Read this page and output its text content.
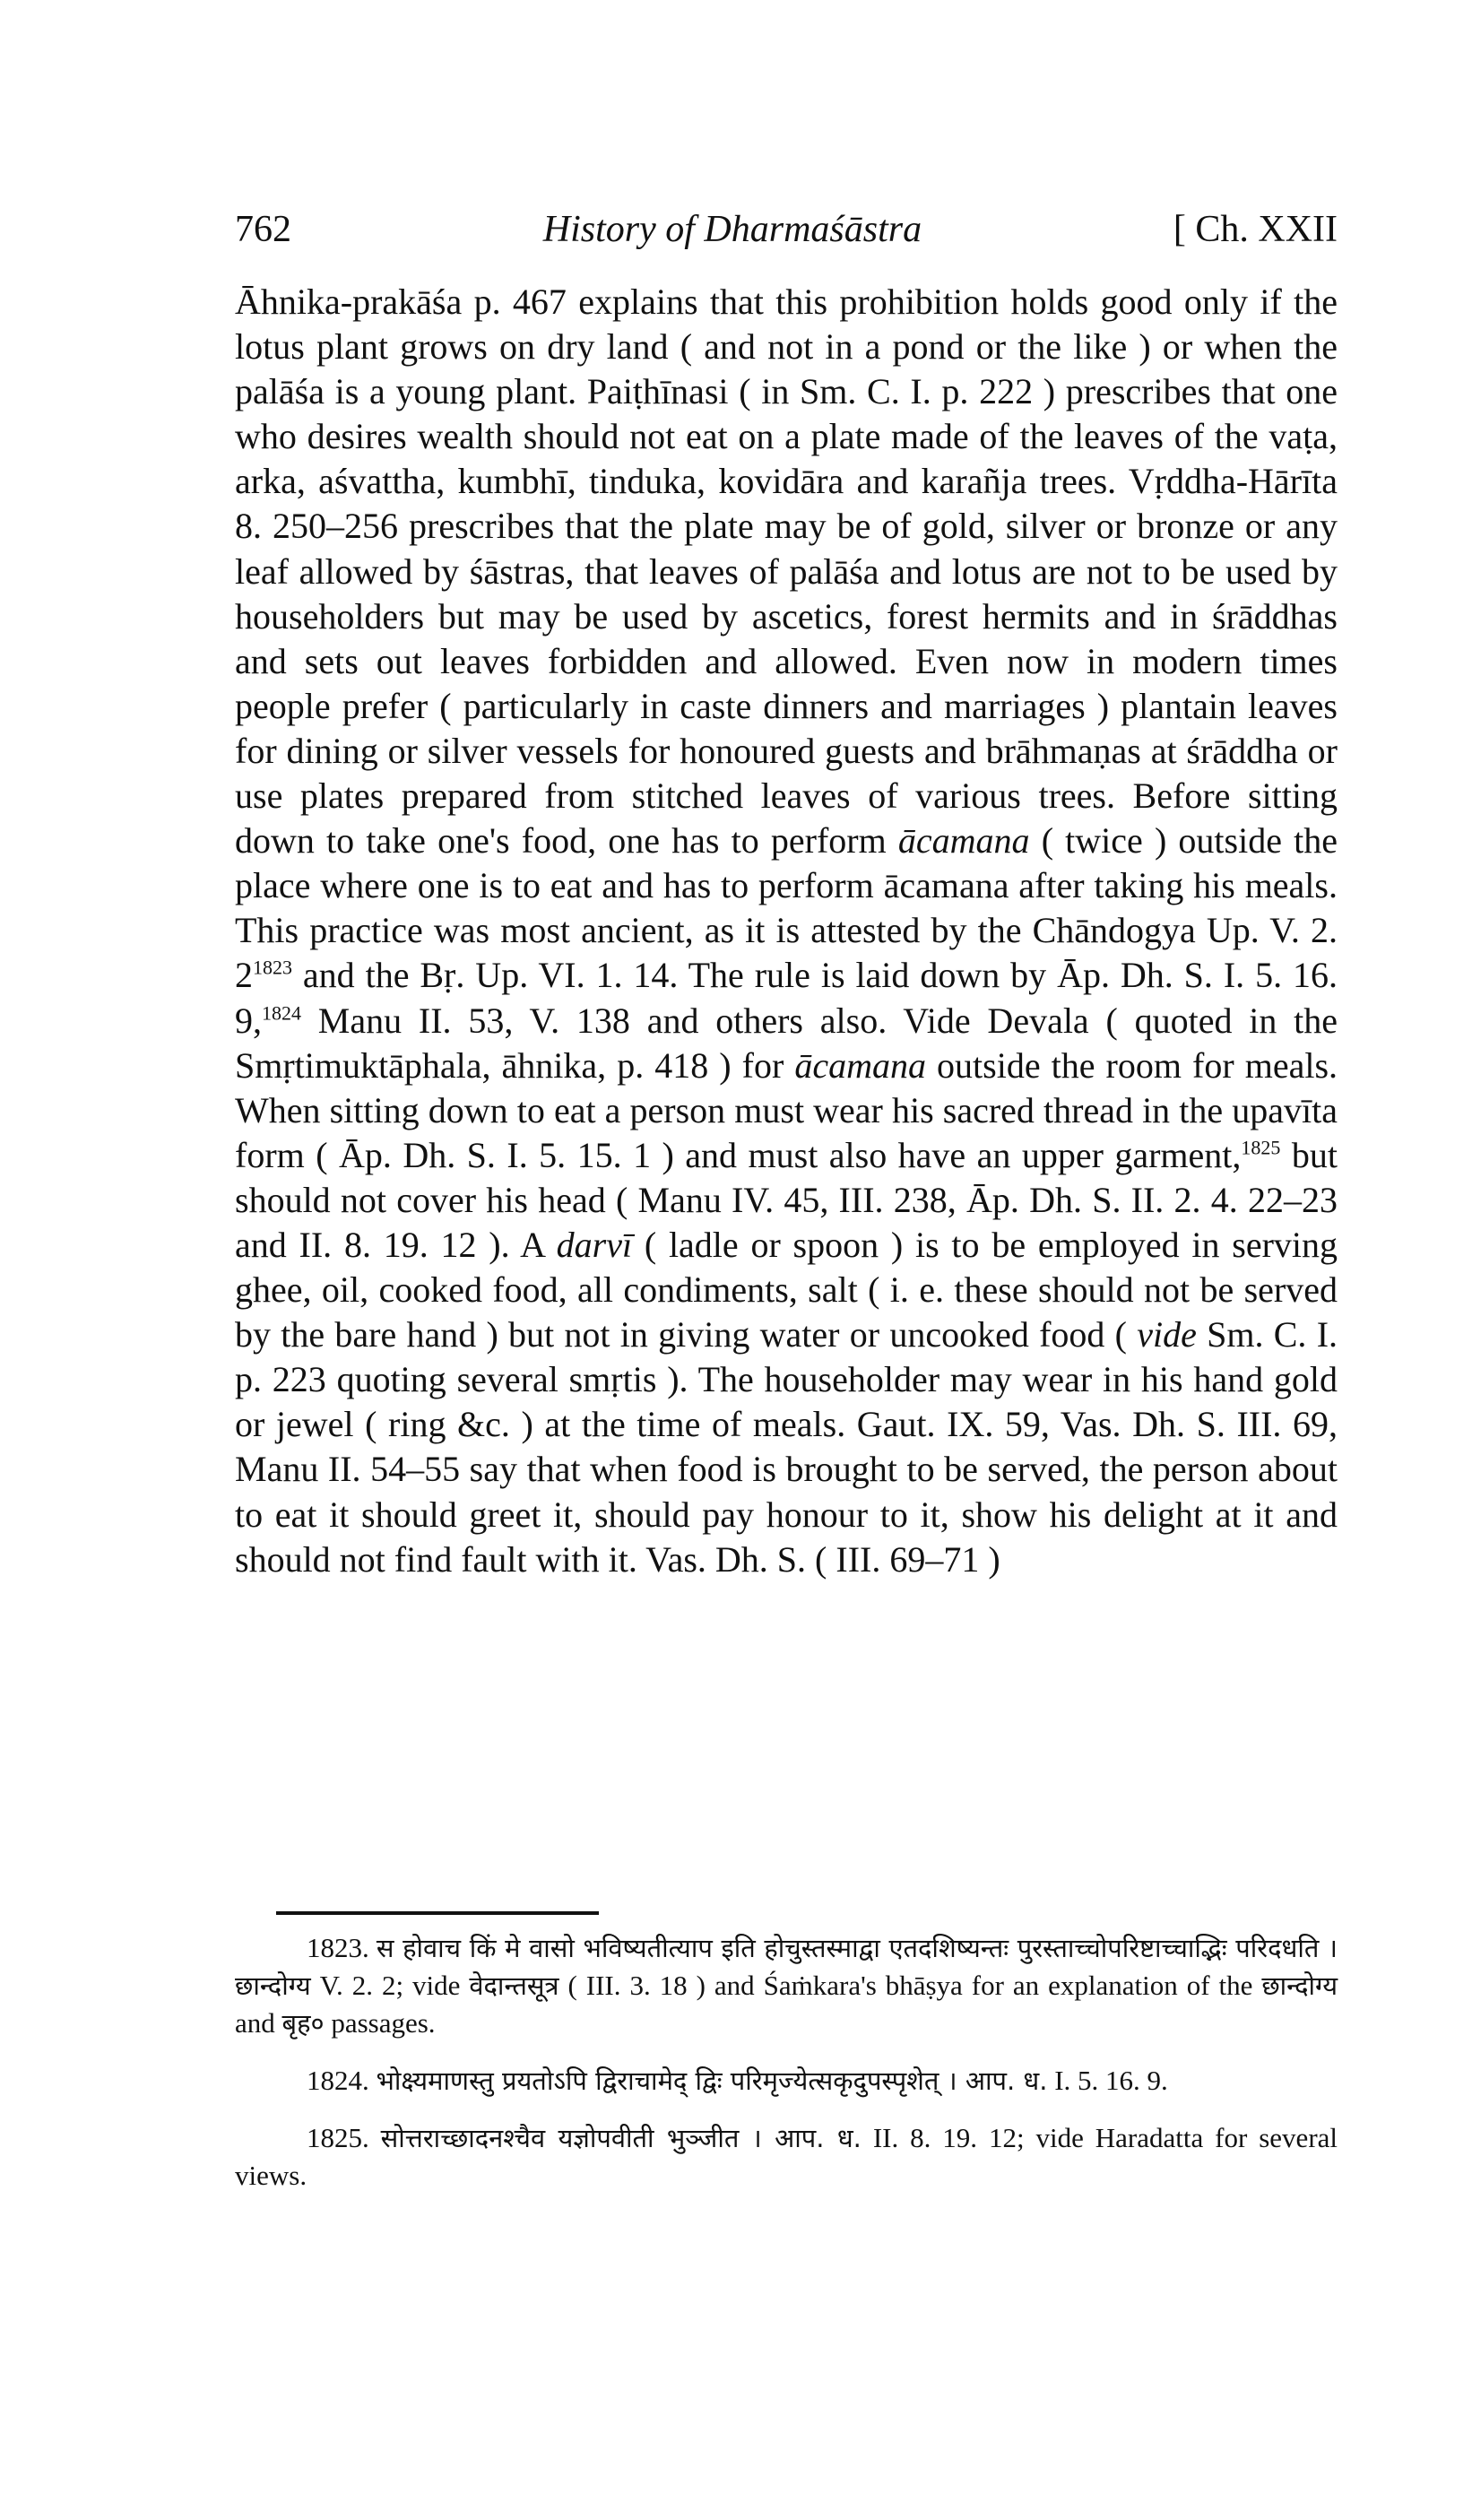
762	History of Dharmaśāstra	[ Ch. XXII

Āhnika-prakāśa p. 467 explains that this prohibition holds good only if the lotus plant grows on dry land ( and not in a pond or the like ) or when the palāśa is a young plant. Paiṭhīnasi ( in Sm. C. I. p. 222 ) prescribes that one who desires wealth should not eat on a plate made of the leaves of the vaṭa, arka, aśvattha, kumbhī, tinduka, kovidāra and karañja trees. Vṛddha-Hārīta 8. 250–256 prescribes that the plate may be of gold, silver or bronze or any leaf allowed by śāstras, that leaves of palāśa and lotus are not to be used by householders but may be used by ascetics, forest hermits and in śrāddhas and sets out leaves forbidden and allowed. Even now in modern times people prefer ( particularly in caste dinners and marriages ) plantain leaves for dining or silver vessels for honoured guests and brāhmaṇas at śrāddha or use plates prepared from stitched leaves of various trees. Before sitting down to take one's food, one has to perform ācamana ( twice ) outside the place where one is to eat and has to perform ācamana after taking his meals. This practice was most ancient, as it is attested by the Chāndogya Up. V. 2. $2^{1823}$ and the Bṛ. Up. VI. 1. 14. The rule is laid down by Āp. Dh. S. I. 5. 16. 9,$^{1824}$ Manu II. 53, V. 138 and others also. Vide Devala ( quoted in the Smṛtimuktāphala, āhnika, p. 418 ) for ācamana outside the room for meals. When sitting down to eat a person must wear his sacred thread in the upavīta form ( Āp. Dh. S. I. 5. 15. 1 ) and must also have an upper garment,$^{1825}$ but should not cover his head ( Manu IV. 45, III. 238, Āp. Dh. S. II. 2. 4. 22–23 and II. 8. 19. 12 ). A darvī ( ladle or spoon ) is to be employed in serving ghee, oil, cooked food, all condiments, salt ( i. e. these should not be served by the bare hand ) but not in giving water or uncooked food ( vide Sm. C. I. p. 223 quoting several smṛtis ). The householder may wear in his hand gold or jewel ( ring &c. ) at the time of meals. Gaut. IX. 59, Vas. Dh. S. III. 69, Manu II. 54–55 say that when food is brought to be served, the person about to eat it should greet it, should pay honour to it, show his delight at it and should not find fault with it. Vas. Dh. S. ( III. 69–71 )

1823. स होवाच किं मे वासो भविष्यतीत्याप इति होचुस्तस्माद्वा एतदशिष्यन्तः पुरस्ताच्चोपरिष्टाच्चाद्भिः परिदधति । छान्दोग्य V. 2. 2; vide वेदान्तसूत्र ( III. 3. 18 ) and Śaṁkara's bhāṣya for an explanation of the छान्दोग्य and बृह० passages.

1824. भोक्ष्यमाणस्तु प्रयतोऽपि द्विराचामेद् द्विः परिमृज्येत्सकृदुपस्पृशेत् । आप. ध. I. 5. 16. 9.

1825. सोत्तराच्छादनश्चैव यज्ञोपवीती भुञ्जीत । आप. ध. II. 8. 19. 12; vide Haradatta for several views.
